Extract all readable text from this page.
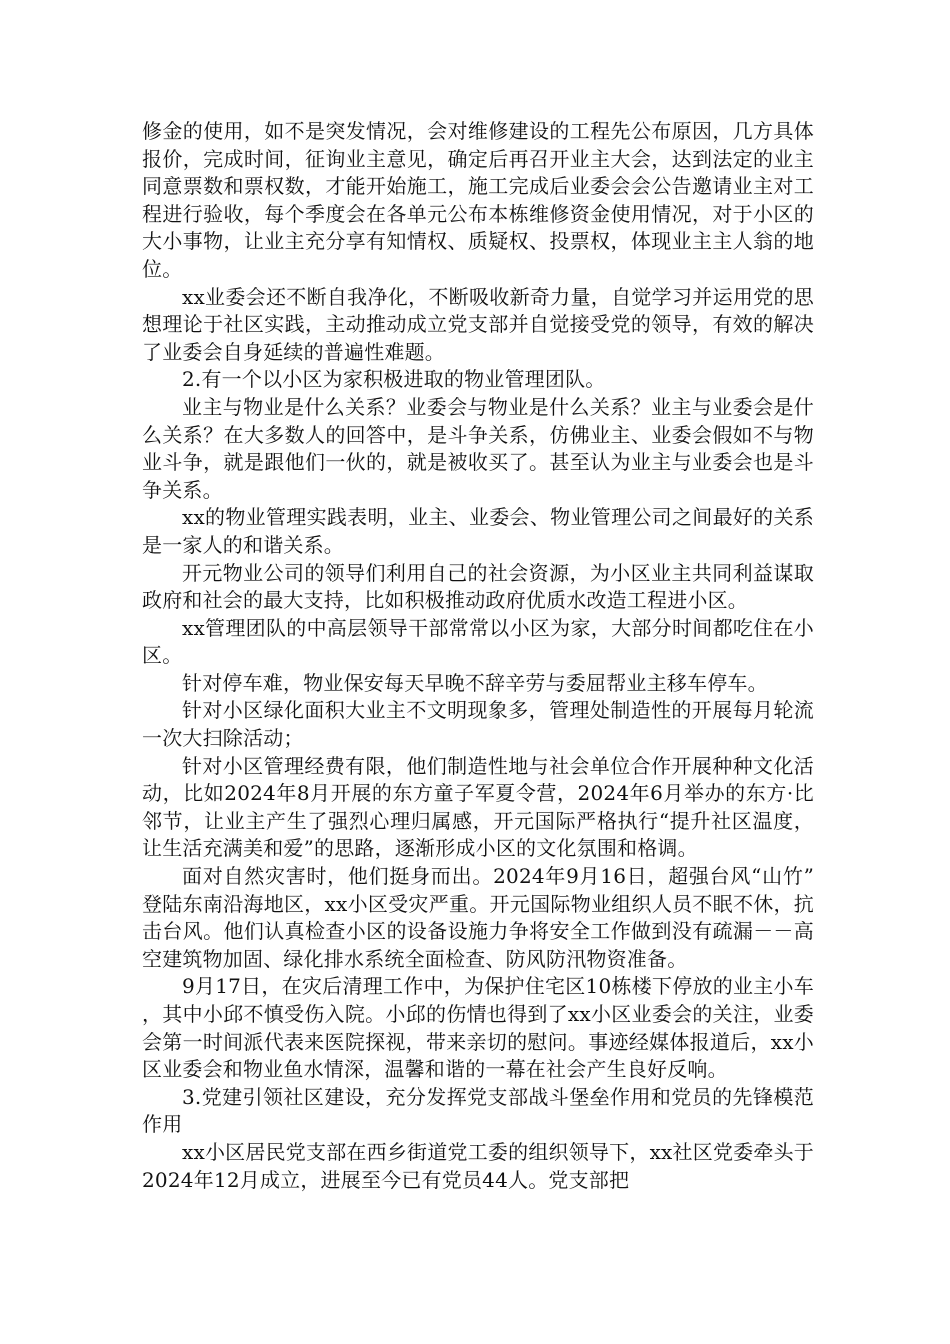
修金的使用，如不是突发情况，会对维修建设的工程先公布原因，几方具体报价，完成时间，征询业主意见，确定后再召开业主大会，达到法定的业主同意票数和票权数，才能开始施工，施工完成后业委会会公告邀请业主对工程进行验收，每个季度会在各单元公布本栋维修资金使用情况，对于小区的大小事物，让业主充分享有知情权、质疑权、投票权，体现业主主人翁的地位。

xx业委会还不断自我净化，不断吸收新奇力量，自觉学习并运用党的思想理论于社区实践，主动推动成立党支部并自觉接受党的领导，有效的解决了业委会自身延续的普遍性难题。

2.有一个以小区为家积极进取的物业管理团队。

业主与物业是什么关系？业委会与物业是什么关系？业主与业委会是什么关系？在大多数人的回答中，是斗争关系，仿佛业主、业委会假如不与物业斗争，就是跟他们一伙的，就是被收买了。甚至认为业主与业委会也是斗争关系。

xx的物业管理实践表明，业主、业委会、物业管理公司之间最好的关系是一家人的和谐关系。

开元物业公司的领导们利用自己的社会资源，为小区业主共同利益谋取政府和社会的最大支持，比如积极推动政府优质水改造工程进小区。

xx管理团队的中高层领导干部常常以小区为家，大部分时间都吃住在小区。

针对停车难，物业保安每天早晚不辞辛劳与委屈帮业主移车停车。

针对小区绿化面积大业主不文明现象多，管理处制造性的开展每月轮流一次大扫除活动；

针对小区管理经费有限，他们制造性地与社会单位合作开展种种文化活动，比如2024年8月开展的东方童子军夏令营，2024年6月举办的东方·比邻节，让业主产生了强烈心理归属感，开元国际严格执行“提升社区温度，让生活充满美和爱”的思路，逐渐形成小区的文化氛围和格调。

面对自然灾害时，他们挺身而出。2024年9月16日，超强台风“山竹”登陆东南沿海地区，xx小区受灾严重。开元国际物业组织人员不眠不休，抗击台风。他们认真检查小区的设备设施力争将安全工作做到没有疏漏－－高空建筑物加固、绿化排水系统全面检查、防风防汛物资准备。

9月17日，在灾后清理工作中，为保护住宅区10栋楼下停放的业主小车，其中小邱不慎受伤入院。小邱的伤情也得到了xx小区业委会的关注，业委会第一时间派代表来医院探视，带来亲切的慰问。事迹经媒体报道后，xx小区业委会和物业鱼水情深，温馨和谐的一幕在社会产生良好反响。

3.党建引领社区建设，充分发挥党支部战斗堡垒作用和党员的先锋模范作用

xx小区居民党支部在西乡街道党工委的组织领导下，xx社区党委牵头于2024年12月成立，进展至今已有党员44人。党支部把
